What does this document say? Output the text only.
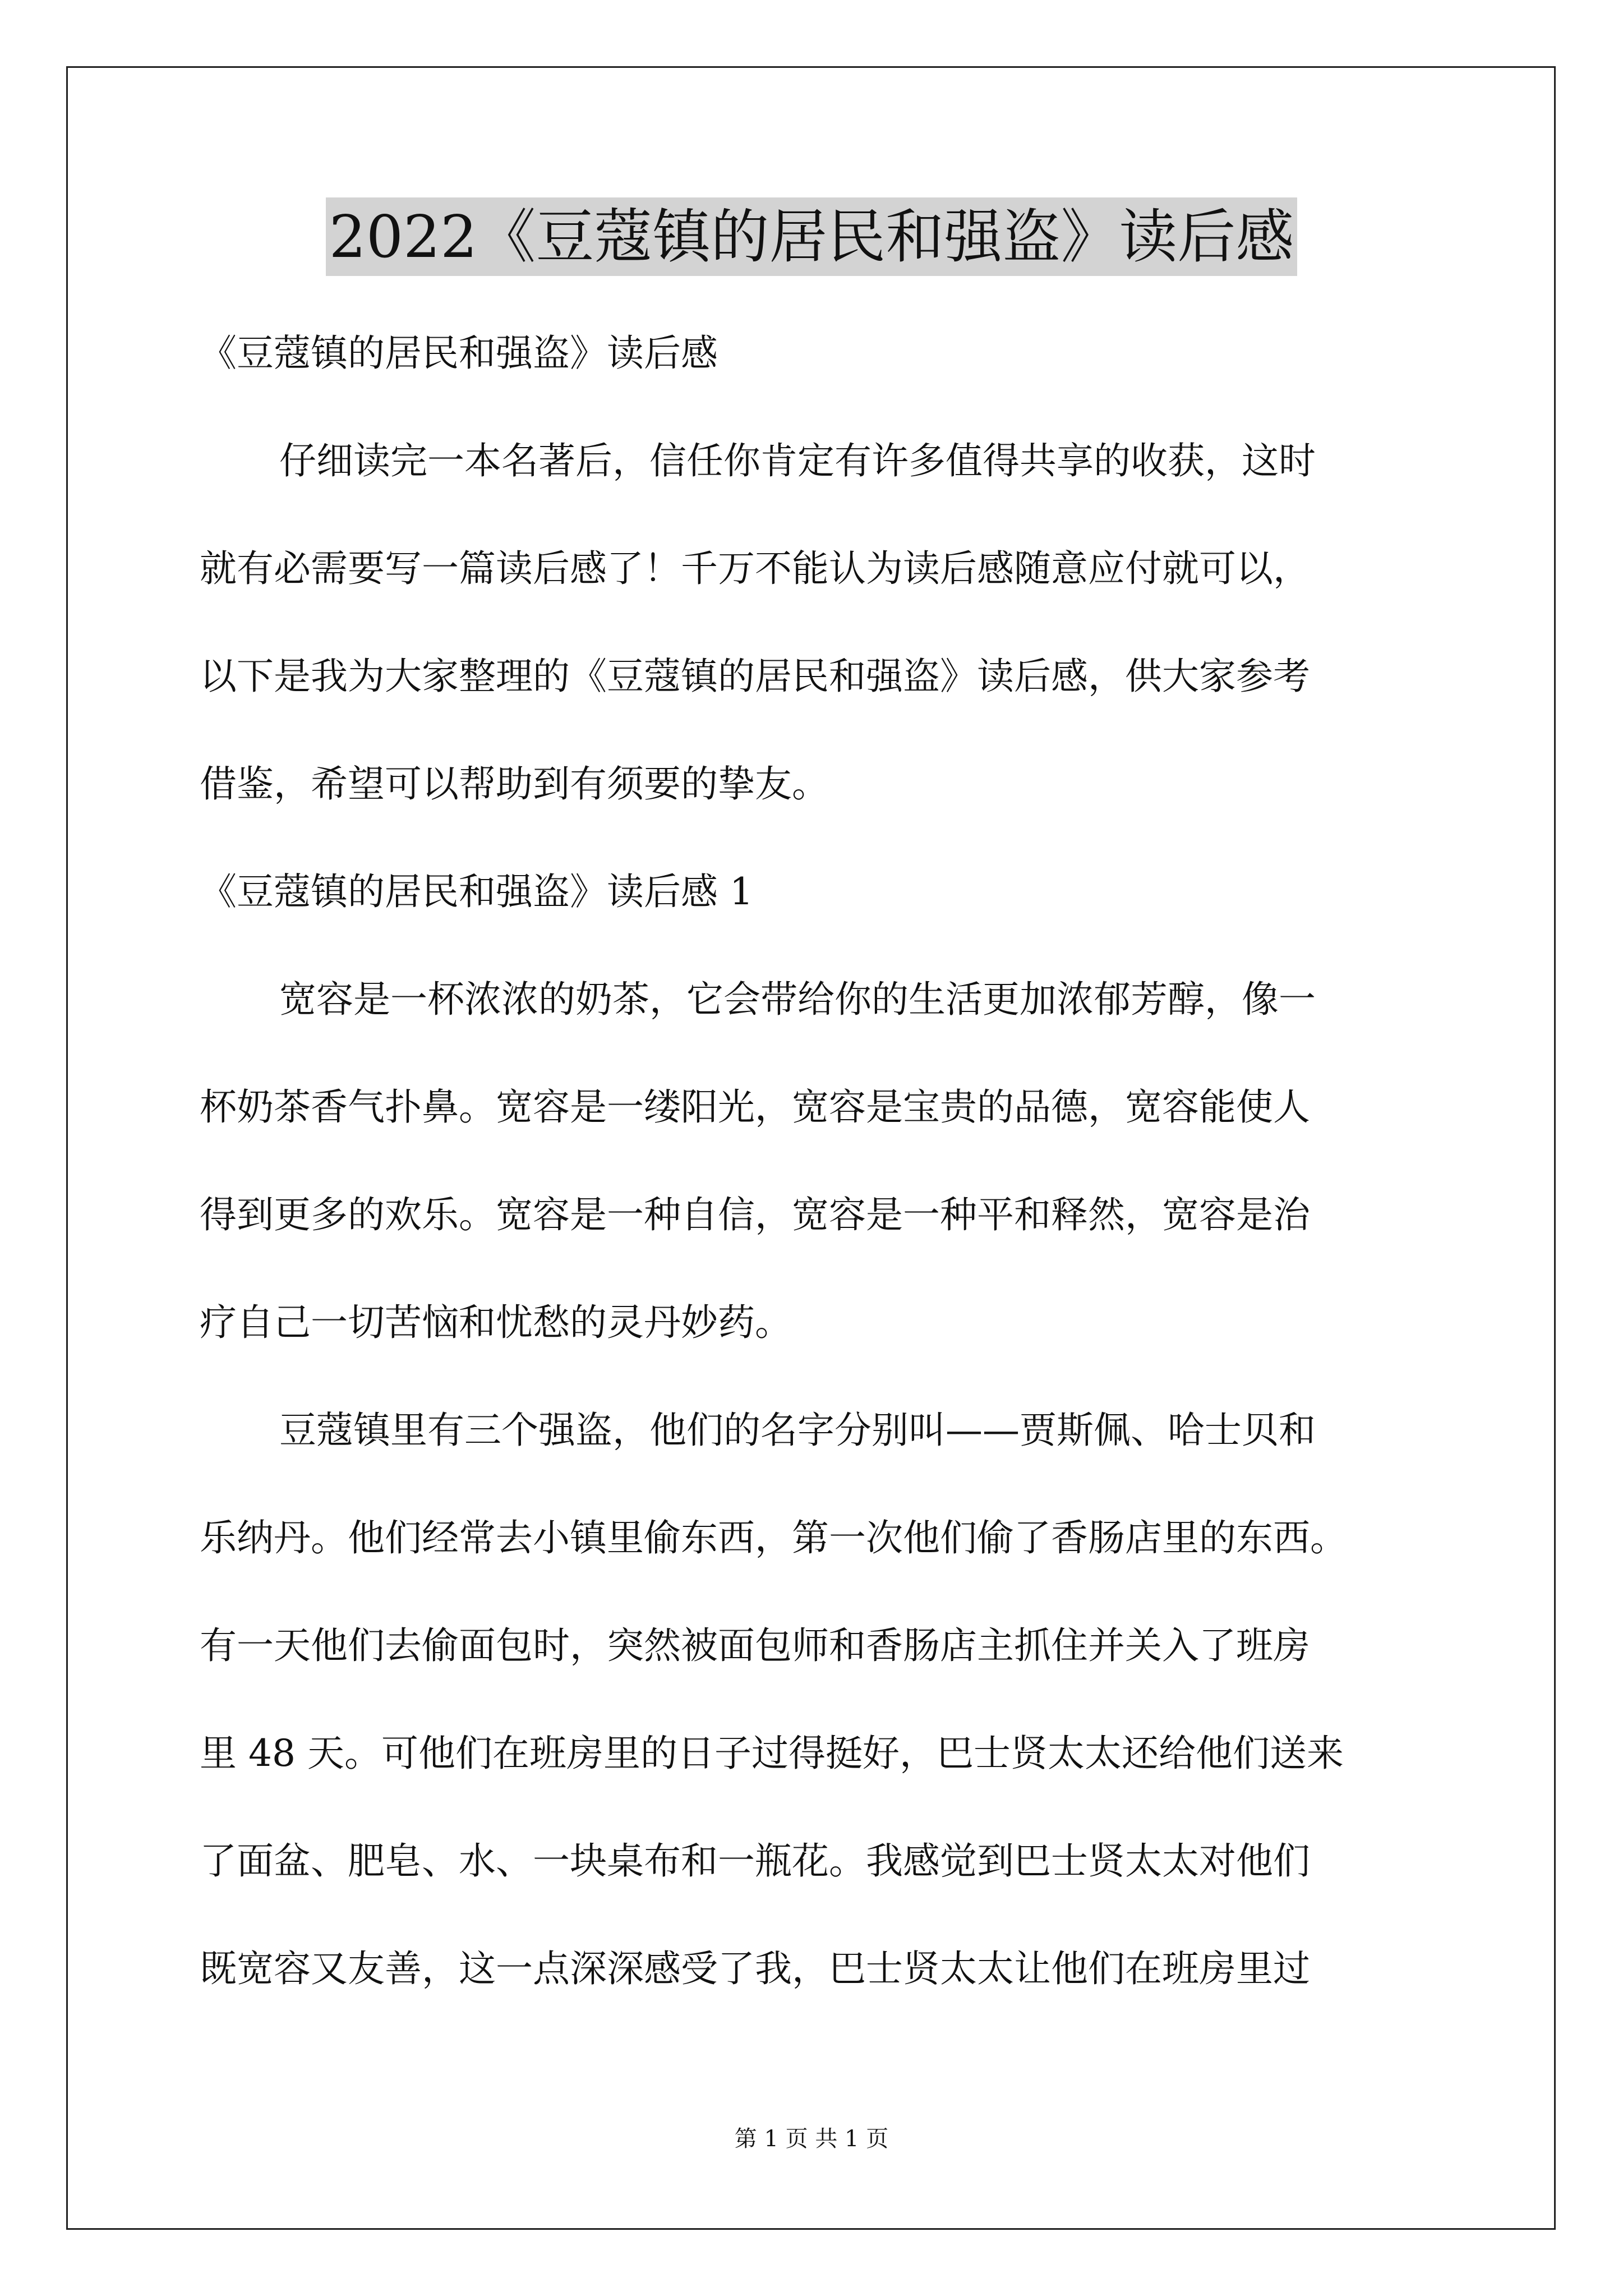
2022《豆蔻镇的居民和强盗》读后感
《豆蔻镇的居民和强盗》读后感
仔细读完一本名著后，信任你肯定有许多值得共享的收获，这时
就有必需要写一篇读后感了！千万不能认为读后感随意应付就可以，
以下是我为大家整理的《豆蔻镇的居民和强盗》读后感，供大家参考
借鉴，希望可以帮助到有须要的挚友。
《豆蔻镇的居民和强盗》读后感 1
宽容是一杯浓浓的奶茶，它会带给你的生活更加浓郁芳醇，像一
杯奶茶香气扑鼻。宽容是一缕阳光，宽容是宝贵的品德，宽容能使人
得到更多的欢乐。宽容是一种自信，宽容是一种平和释然，宽容是治
疗自己一切苦恼和忧愁的灵丹妙药。
豆蔻镇里有三个强盗，他们的名字分别叫——贾斯佩、哈士贝和
乐纳丹。他们经常去小镇里偷东西，第一次他们偷了香肠店里的东西。
有一天他们去偷面包时，突然被面包师和香肠店主抓住并关入了班房
里 48 天。可他们在班房里的日子过得挺好，巴士贤太太还给他们送来
了面盆、肥皂、水、一块桌布和一瓶花。我感觉到巴士贤太太对他们
既宽容又友善，这一点深深感受了我，巴士贤太太让他们在班房里过
第 1 页 共 1 页
